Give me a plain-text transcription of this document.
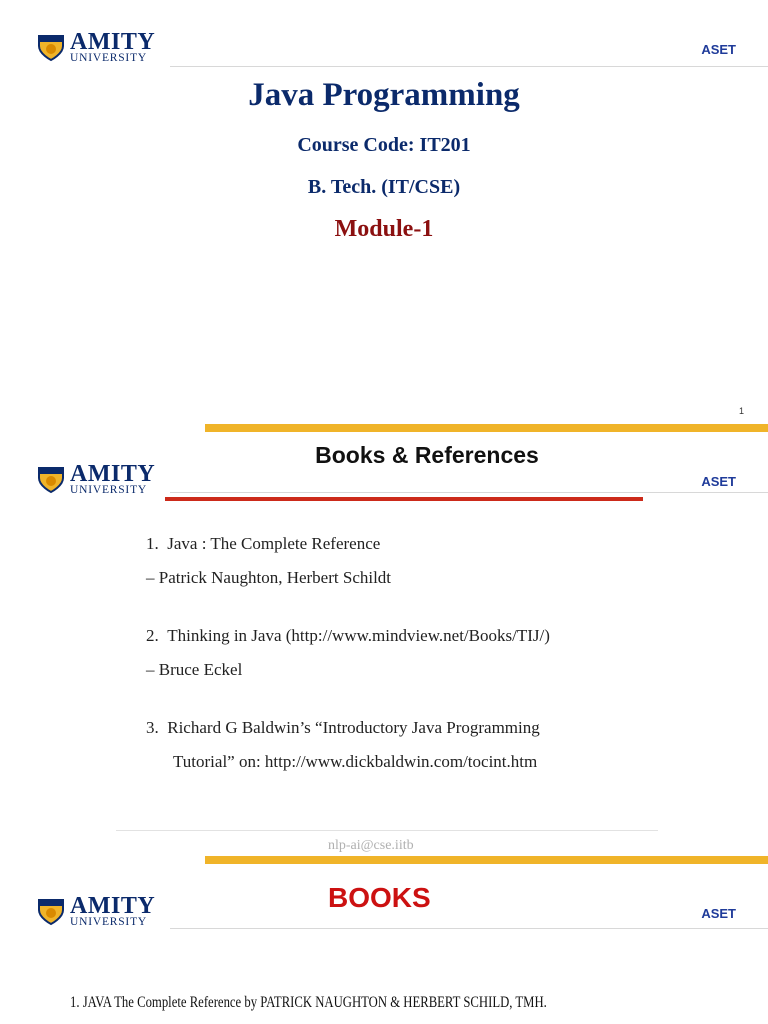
AMITY
UNIVERSITY
ASET
Java Programming
Course Code: IT201
B. Tech. (IT/CSE)
Module-1
1
Books & References
AMITY
UNIVERSITY
ASET
1. Java : The Complete Reference
– Patrick Naughton, Herbert Schildt
2. Thinking in Java (http://www.mindview.net/Books/TIJ/)
– Bruce Eckel
3. Richard G Baldwin’s “Introductory Java Programming
Tutorial” on: http://www.dickbaldwin.com/tocint.htm
nlp-ai@cse.iitb
AMITY
UNIVERSITY
BOOKS
ASET
1. JAVA The Complete Reference by PATRICK NAUGHTON & HERBERT SCHILD, TMH.
